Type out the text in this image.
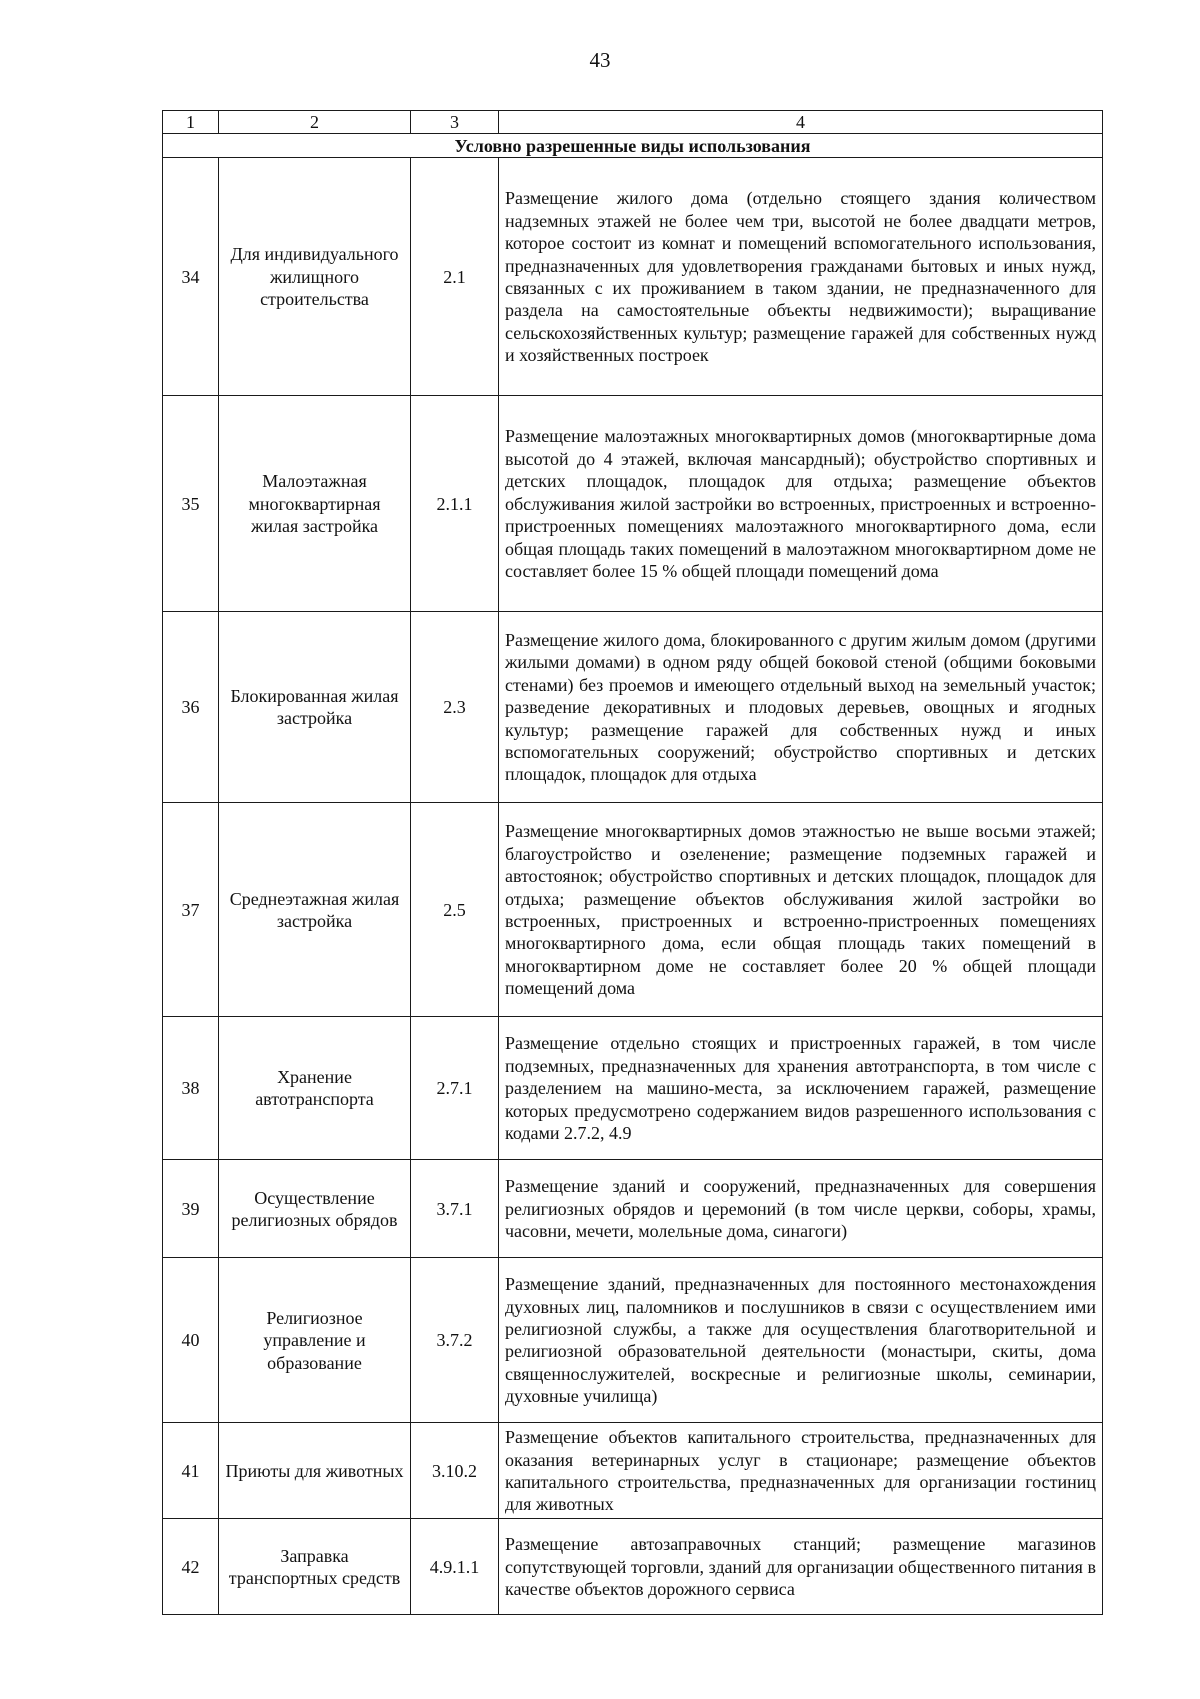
43
1	2	3	4
Условно разрешенные виды использования			
34	Для индивидуального жилищного строительства	2.1	Размещение жилого дома (отдельно стоящего здания количеством надземных этажей не более чем три, высотой не более двадцати метров, которое состоит из комнат и помещений вспомогательного использования, предназначенных для удовлетворения гражданами бытовых и иных нужд, связанных с их проживанием в таком здании, не предназначенного для раздела на самостоятельные объекты недвижимости); выращивание сельскохозяйственных культур; размещение гаражей для собственных нужд и хозяйственных построек
35	Малоэтажная многоквартирная жилая застройка	2.1.1	Размещение малоэтажных многоквартирных домов (многоквартирные дома высотой до 4 этажей, включая мансардный); обустройство спортивных и детских площадок, площадок для отдыха; размещение объектов обслуживания жилой застройки во встроенных, пристроенных и встроенно-пристроенных помещениях малоэтажного многоквартирного дома, если общая площадь таких помещений в малоэтажном многоквартирном доме не составляет более 15 % общей площади помещений дома
36	Блокированная жилая застройка	2.3	Размещение жилого дома, блокированного с другим жилым домом (другими жилыми домами) в одном ряду общей боковой стеной (общими боковыми стенами) без проемов и имеющего отдельный выход на земельный участок; разведение декоративных и плодовых деревьев, овощных и ягодных культур; размещение гаражей для собственных нужд и иных вспомогательных сооружений; обустройство спортивных и детских площадок, площадок для отдыха
37	Среднеэтажная жилая застройка	2.5	Размещение многоквартирных домов этажностью не выше восьми этажей; благоустройство и озеленение; размещение подземных гаражей и автостоянок; обустройство спортивных и детских площадок, площадок для отдыха; размещение объектов обслуживания жилой застройки во встроенных, пристроенных и встроенно-пристроенных помещениях многоквартирного дома, если общая площадь таких помещений в многоквартирном доме не составляет более 20 % общей площади помещений дома
38	Хранение автотранспорта	2.7.1	Размещение отдельно стоящих и пристроенных гаражей, в том числе подземных, предназначенных для хранения автотранспорта, в том числе с разделением на машино-места, за исключением гаражей, размещение которых предусмотрено содержанием видов разрешенного использования с кодами 2.7.2, 4.9
39	Осуществление религиозных обрядов	3.7.1	Размещение зданий и сооружений, предназначенных для совершения религиозных обрядов и церемоний (в том числе церкви, соборы, храмы, часовни, мечети, молельные дома, синагоги)
40	Религиозное управление и образование	3.7.2	Размещение зданий, предназначенных для постоянного местонахождения духовных лиц, паломников и послушников в связи с осуществлением ими религиозной службы, а также для осуществления благотворительной и религиозной образовательной деятельности (монастыри, скиты, дома священнослужителей, воскресные и религиозные школы, семинарии, духовные училища)
41	Приюты для животных	3.10.2	Размещение объектов капитального строительства, предназначенных для оказания ветеринарных услуг в стационаре; размещение объектов капитального строительства, предназначенных для организации гостиниц для животных
42	Заправка транспортных средств	4.9.1.1	Размещение автозаправочных станций; размещение магазинов сопутствующей торговли, зданий для организации общественного питания в качестве объектов дорожного сервиса
